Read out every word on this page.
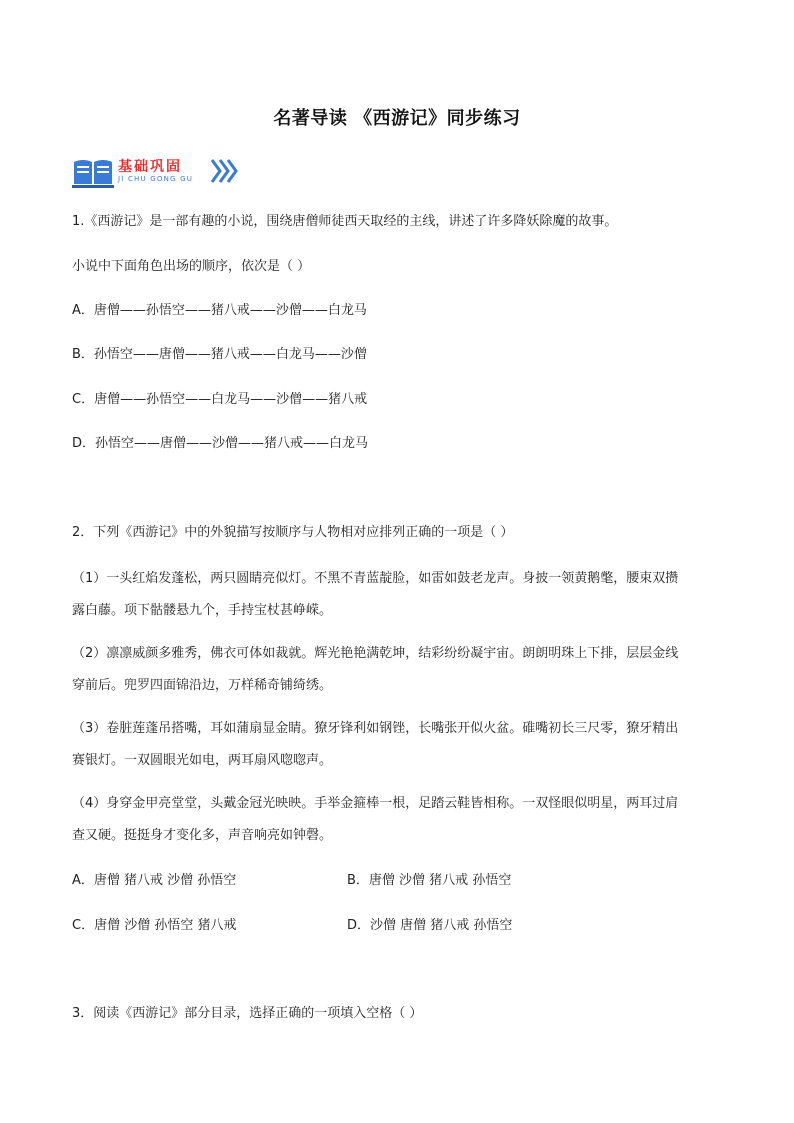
名著导读 《西游记》同步练习
基础巩固
JI CHU GONG GU
1.《西游记》是一部有趣的小说，围绕唐僧师徒西天取经的主线，讲述了许多降妖除魔的故事。
小说中下面角色出场的顺序，依次是（ ）
A．唐僧——孙悟空——猪八戒——沙僧——白龙马
B．孙悟空——唐僧——猪八戒——白龙马——沙僧
C．唐僧——孙悟空——白龙马——沙僧——猪八戒
D．孙悟空——唐僧——沙僧——猪八戒——白龙马
2．下列《西游记》中的外貌描写按顺序与人物相对应排列正确的一项是（ ）
（1）一头红焰发蓬松，两只圆睛亮似灯。不黑不青蓝靛脸，如雷如鼓老龙声。身披一领黄鹅氅，腰束双攒
露白藤。项下骷髅悬九个，手持宝杖甚峥嵘。
（2）凛凛威颜多雅秀，佛衣可体如裁就。辉光艳艳满乾坤，结彩纷纷凝宇宙。朗朗明珠上下排，层层金线
穿前后。兜罗四面锦沿边，万样稀奇铺绮绣。
（3）卷脏莲蓬吊搭嘴，耳如蒲扇显金睛。獠牙锋利如钢锉，长嘴张开似火盆。碓嘴初长三尺零，獠牙精出
赛银灯。一双圆眼光如电，两耳扇风唿唿声。
（4）身穿金甲亮堂堂，头戴金冠光映映。手举金箍棒一根，足踏云鞋皆相称。一双怪眼似明星，两耳过肩
查又硬。挺挺身才变化多，声音响亮如钟磬。
A．唐僧 猪八戒 沙僧 孙悟空	B．唐僧 沙僧 猪八戒 孙悟空
C．唐僧 沙僧 孙悟空 猪八戒	D．沙僧 唐僧 猪八戒 孙悟空
3．阅读《西游记》部分目录，选择正确的一项填入空格（ ）
